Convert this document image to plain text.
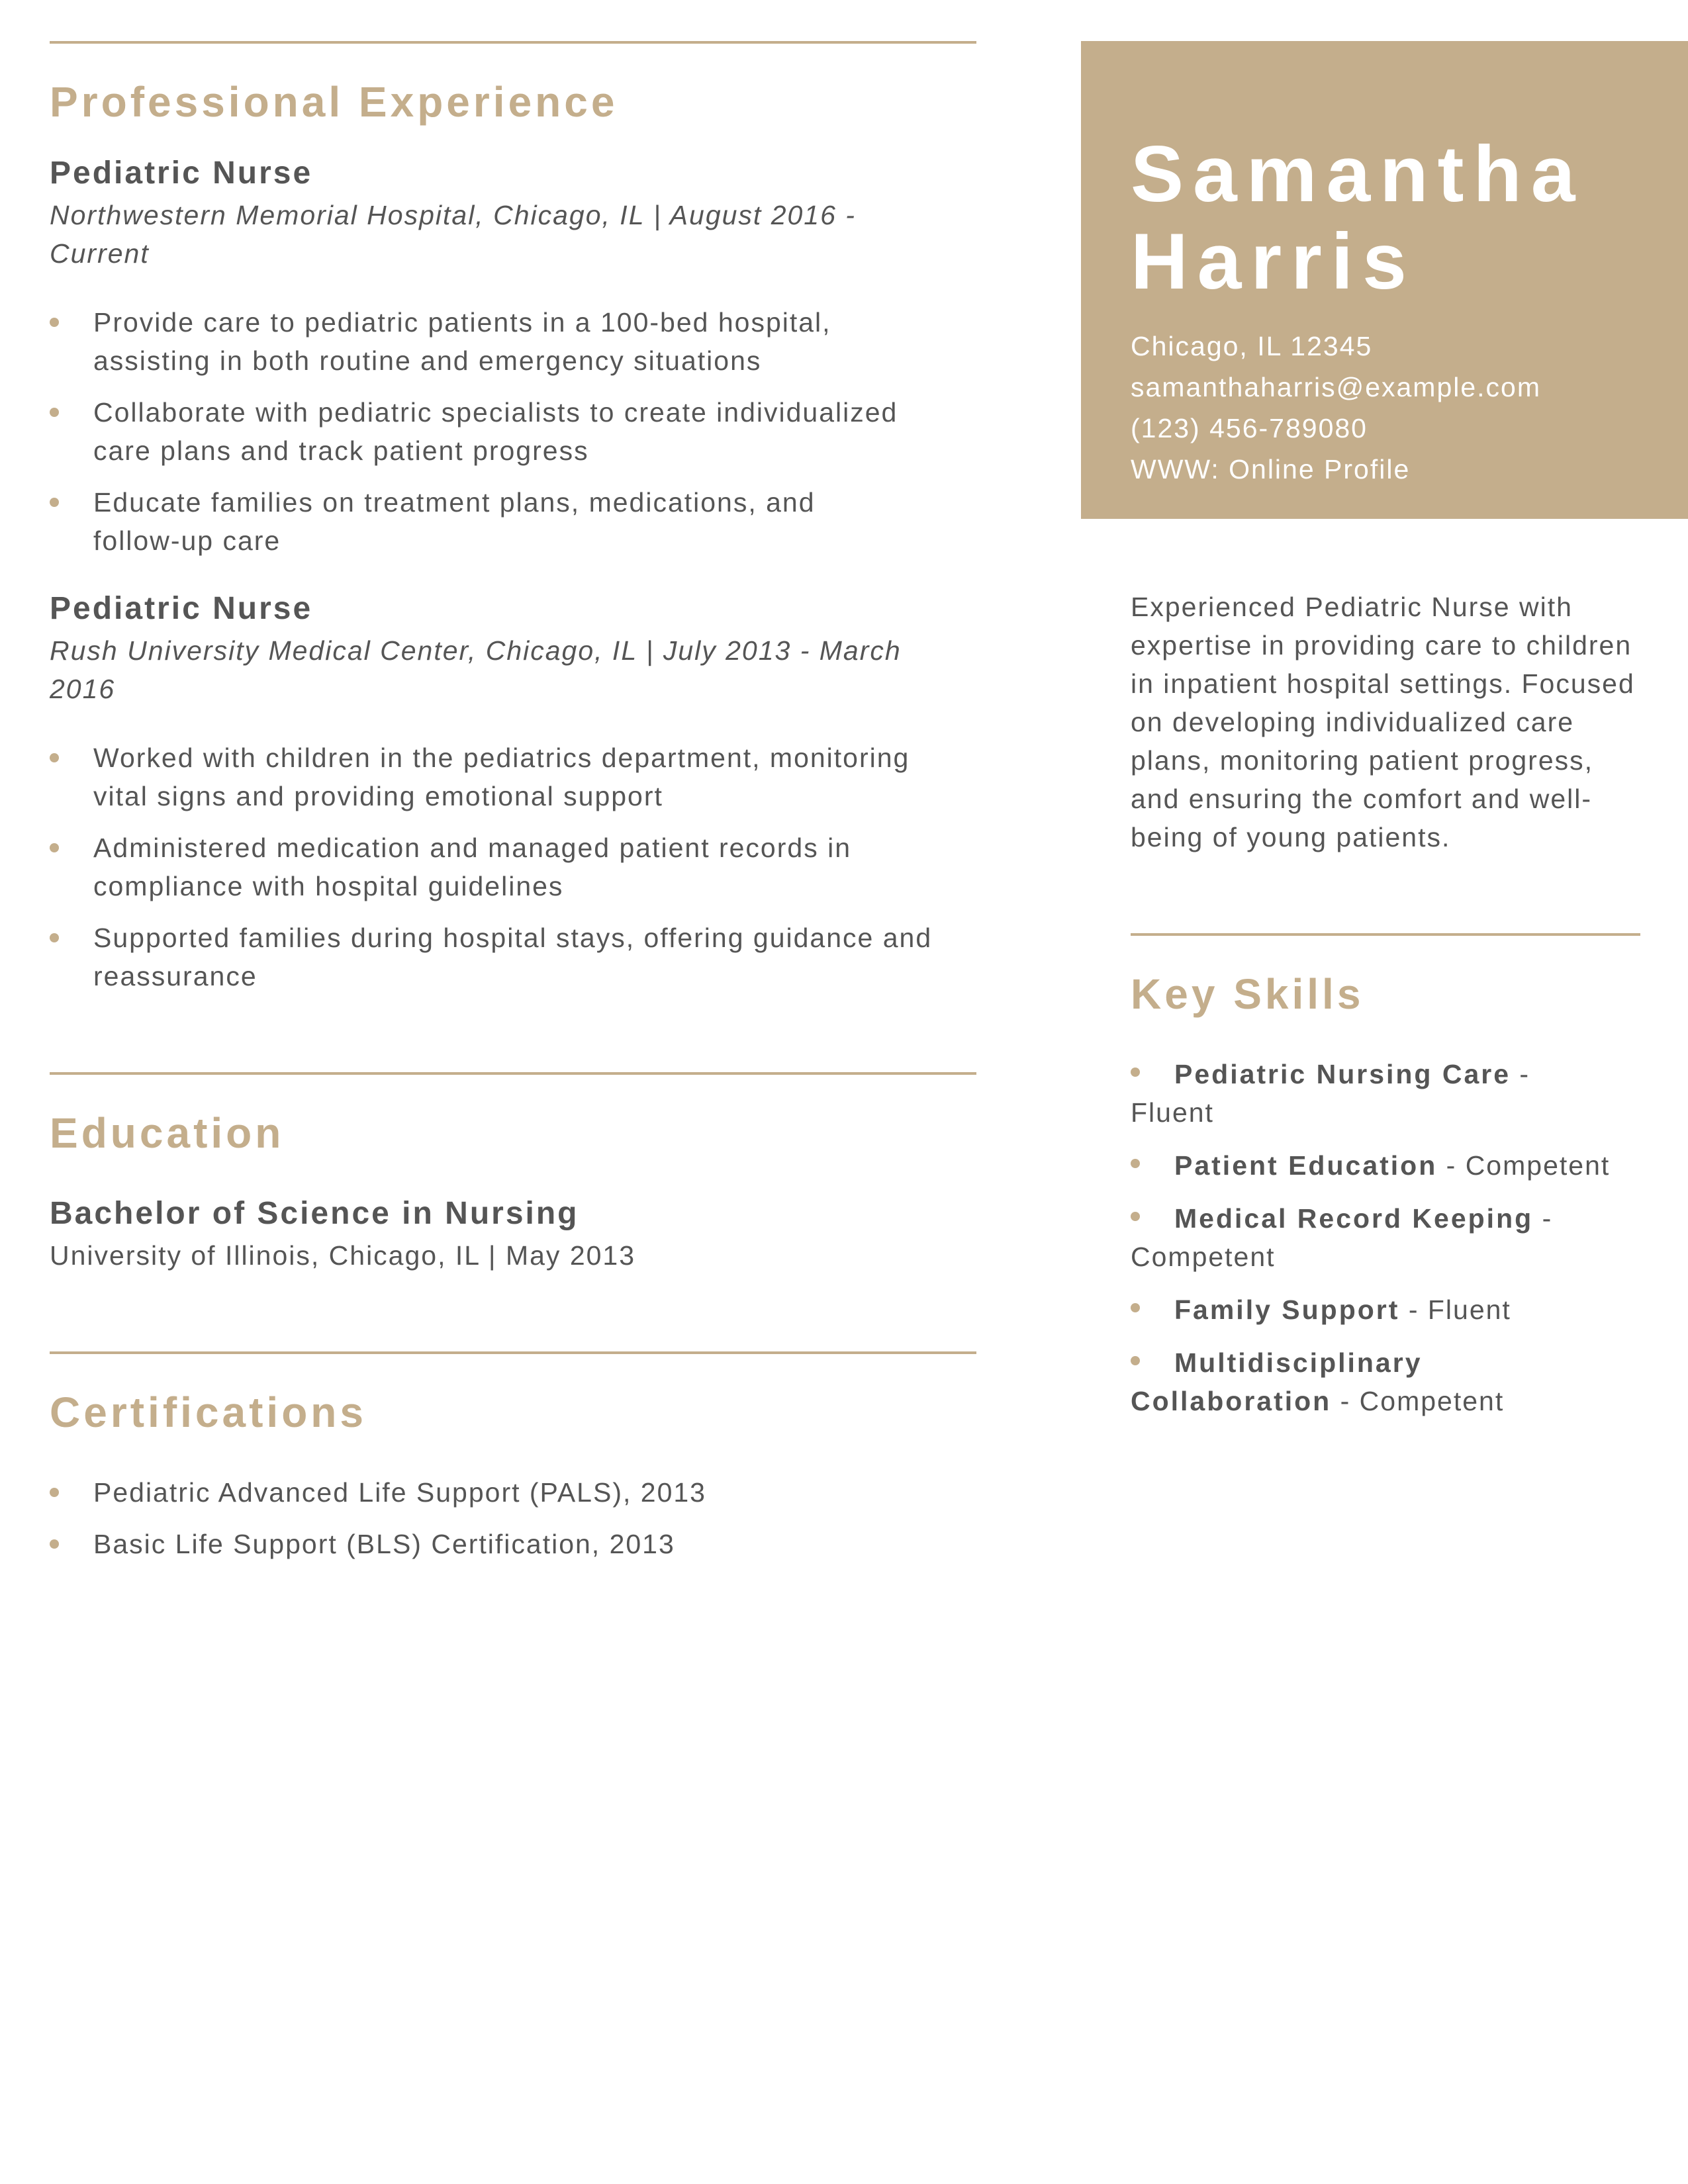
Professional Experience
Pediatric Nurse
Northwestern Memorial Hospital, Chicago, IL | August 2016 -
Current
Provide care to pediatric patients in a 100-bed hospital,
assisting in both routine and emergency situations
Collaborate with pediatric specialists to create individualized
care plans and track patient progress
Educate families on treatment plans, medications, and
follow-up care
Pediatric Nurse
Rush University Medical Center, Chicago, IL | July 2013 - March
2016
Worked with children in the pediatrics department, monitoring
vital signs and providing emotional support
Administered medication and managed patient records in
compliance with hospital guidelines
Supported families during hospital stays, offering guidance and
reassurance
Education
Bachelor of Science in Nursing
University of Illinois, Chicago, IL | May 2013
Certifications
Pediatric Advanced Life Support (PALS), 2013
Basic Life Support (BLS) Certification, 2013
Samantha
Harris
Chicago, IL 12345
samanthaharris@example.com
(123) 456-789080
WWW: Online Profile
Experienced Pediatric Nurse with expertise in providing care to children in inpatient hospital settings. Focused on developing individualized care plans, monitoring patient progress, and ensuring the comfort and well-being of young patients.
Key Skills
Pediatric Nursing Care -
Fluent
Patient Education - Competent
Medical Record Keeping -
Competent
Family Support - Fluent
Multidisciplinary
Collaboration - Competent
